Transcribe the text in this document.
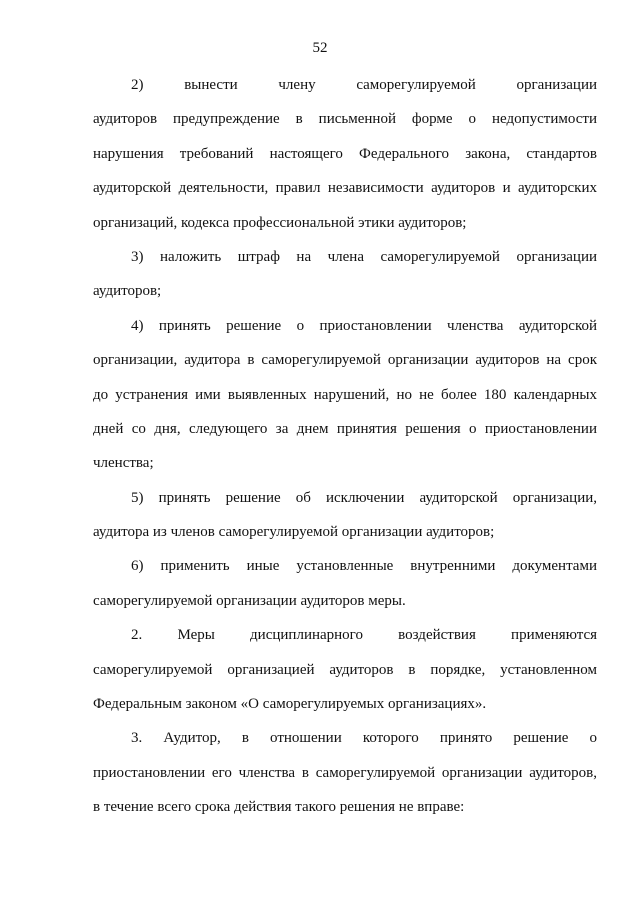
52
2) вынести члену саморегулируемой организации
аудиторов предупреждение в письменной форме о недопустимости
нарушения требований настоящего Федерального закона, стандартов
аудиторской деятельности, правил независимости аудиторов и аудиторских
организаций, кодекса профессиональной этики аудиторов;
3) наложить штраф на члена саморегулируемой организации
аудиторов;
4) принять решение о приостановлении членства аудиторской
организации, аудитора в саморегулируемой организации аудиторов на срок
до устранения ими выявленных нарушений, но не более 180 календарных
дней со дня, следующего за днем принятия решения о приостановлении
членства;
5) принять решение об исключении аудиторской организации,
аудитора из членов саморегулируемой организации аудиторов;
6) применить иные установленные внутренними документами
саморегулируемой организации аудиторов меры.
2. Меры дисциплинарного воздействия применяются
саморегулируемой организацией аудиторов в порядке, установленном
Федеральным законом «О саморегулируемых организациях».
3. Аудитор, в отношении которого принято решение о
приостановлении его членства в саморегулируемой организации аудиторов,
в течение всего срока действия такого решения не вправе:
